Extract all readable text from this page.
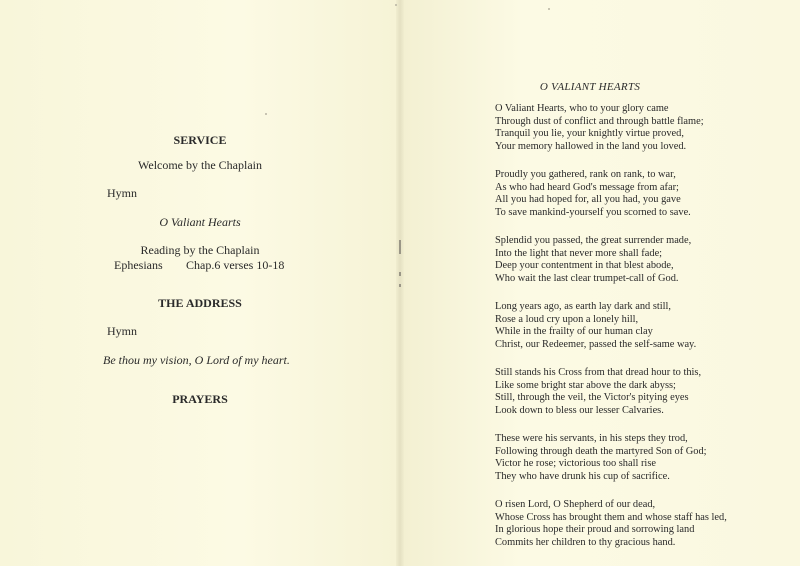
SERVICE
Welcome by the Chaplain
Hymn
O Valiant Hearts
Reading by the Chaplain
Ephesians Chap.6 verses 10-18
THE ADDRESS
Hymn
Be thou my vision, O Lord of my heart.
PRAYERS
O VALIANT HEARTS
O Valiant Hearts, who to your glory came
Through dust of conflict and through battle flame;
Tranquil you lie, your knightly virtue proved,
Your memory hallowed in the land you loved.
Proudly you gathered, rank on rank, to war,
As who had heard God's message from afar;
All you had hoped for, all you had, you gave
To save mankind-yourself you scorned to save.
Splendid you passed, the great surrender made,
Into the light that never more shall fade;
Deep your contentment in that blest abode,
Who wait the last clear trumpet-call of God.
Long years ago, as earth lay dark and still,
Rose a loud cry upon a lonely hill,
While in the frailty of our human clay
Christ, our Redeemer, passed the self-same way.
Still stands his Cross from that dread hour to this,
Like some bright star above the dark abyss;
Still, through the veil, the Victor's pitying eyes
Look down to bless our lesser Calvaries.
These were his servants, in his steps they trod,
Following through death the martyred Son of God;
Victor he rose; victorious too shall rise
They who have drunk his cup of sacrifice.
O risen Lord, O Shepherd of our dead,
Whose Cross has brought them and whose staff has led,
In glorious hope their proud and sorrowing land
Commits her children to thy gracious hand.
